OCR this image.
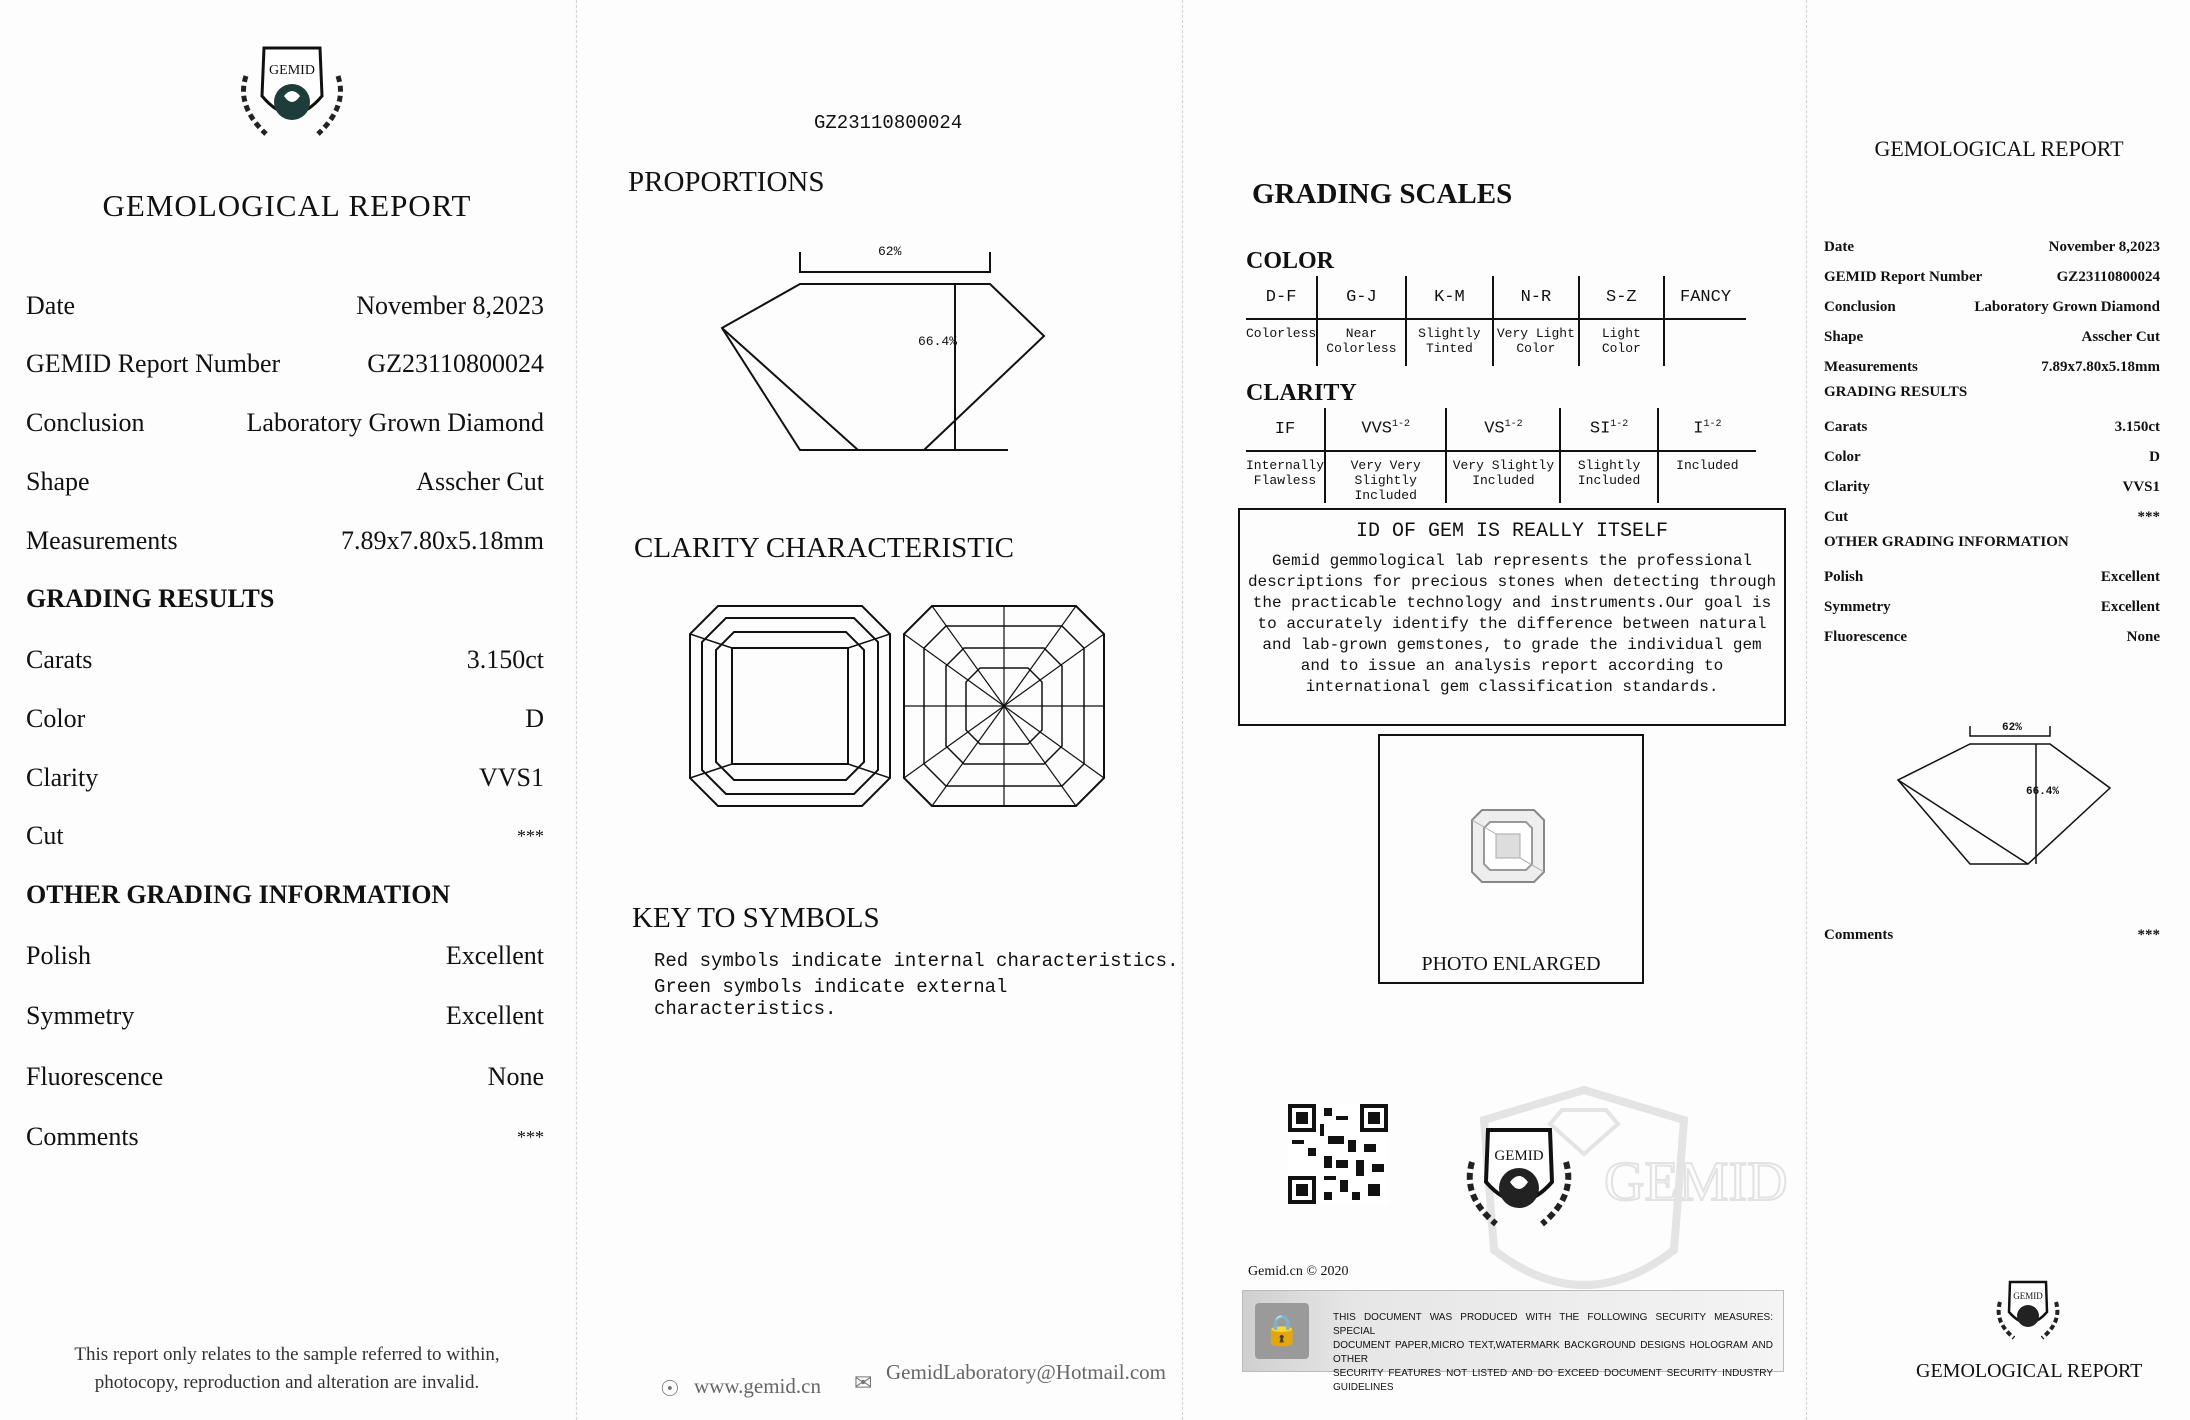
GEMID
GEMOLOGICAL REPORT
Date	November 8,2023
GEMID Report Number	GZ23110800024
Conclusion	Laboratory Grown Diamond
Shape	Asscher Cut
Measurements	7.89x7.80x5.18mm
GRADING RESULTS
Carats	3.150ct
Color	D
Clarity	VVS1
Cut	***
OTHER GRADING INFORMATION
Polish	Excellent
Symmetry	Excellent
Fluorescence	None
Comments	***
This report only relates to the sample referred to within,
photocopy, reproduction and alteration are invalid.
GZ23110800024
PROPORTIONS
62%
66.4%
CLARITY CHARACTERISTIC
KEY TO SYMBOLS
Red symbols indicate internal characteristics.
Green symbols indicate external characteristics.
☉ www.gemid.cn ✉ GemidLaboratory@Hotmail.com
GRADING SCALES
COLOR
D-F	G-J	K-M	N-R	S-Z	FANCY
Colorless	Near Colorless	Slightly Tinted	Very Light Color	Light Color	
CLARITY
IF	VVS$^{1-2}$	VS$^{1-2}$	SI$^{1-2}$	$I^{1-2}$
Internally Flawless	Very Very Slightly Included	Very Slightly Included	Slightly Included	Included
ID OF GEM IS REALLY ITSELF
Gemid gemmological lab represents the professional
descriptions for precious stones when detecting through
the practicable technology and instruments.Our goal is
to accurately identify the difference between natural
and lab-grown gemstones, to grade the individual gem
and to issue an analysis report according to
international gem classification standards.
PHOTO ENLARGED
GEMID
GEMID
Gemid.cn © 2020
🔒	THIS DOCUMENT WAS PRODUCED WITH THE FOLLOWING SECURITY MEASURES: SPECIAL
DOCUMENT PAPER,MICRO TEXT,WATERMARK BACKGROUND DESIGNS HOLOGRAM AND OTHER
SECURITY FEATURES NOT LISTED AND DO EXCEED DOCUMENT SECURITY INDUSTRY GUIDELINES
GEMOLOGICAL REPORT
Date	November 8,2023
GEMID Report Number	GZ23110800024
Conclusion	Laboratory Grown Diamond
Shape	Asscher Cut
Measurements	7.89x7.80x5.18mm
GRADING RESULTS
Carats	3.150ct
Color	D
Clarity	VVS1
Cut	***
OTHER GRADING INFORMATION
Polish	Excellent
Symmetry	Excellent
Fluorescence	None
62%
66.4%
Comments	***
GEMID
GEMOLOGICAL REPORT
